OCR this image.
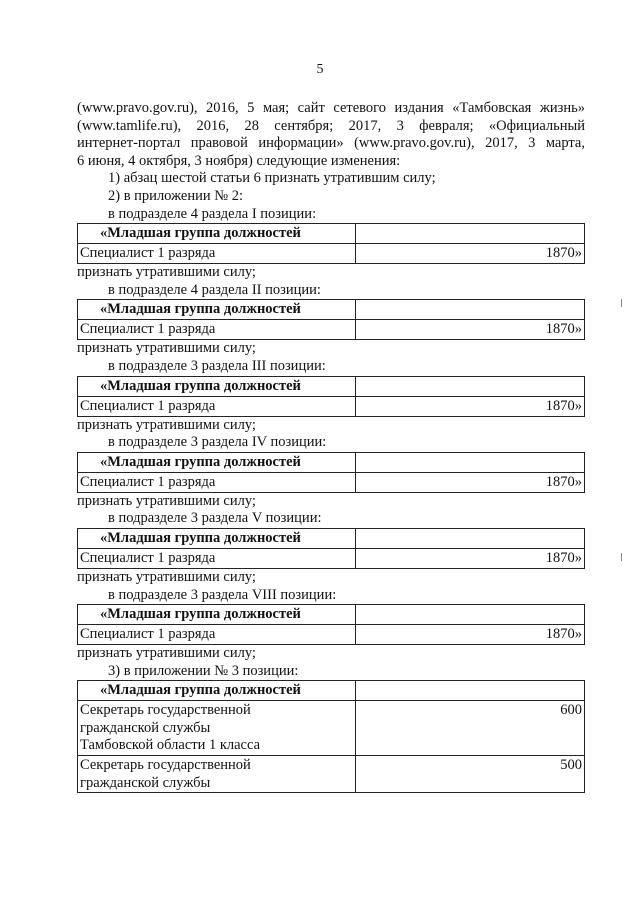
5
(www.pravo.gov.ru), 2016, 5 мая; сайт сетевого издания «Тамбовская жизнь»
(www.tamlife.ru), 2016, 28 сентября; 2017, 3 февраля; «Официальный
интернет-портал правовой информации» (www.pravo.gov.ru), 2017, 3 марта,
6 июня, 4 октября, 3 ноября) следующие изменения:
1) абзац шестой статьи 6 признать утратившим силу;
2) в приложении № 2:
в подразделе 4 раздела I позиции:
«Младшая группа должностей	
Специалист 1 разряда	1870»
признать утратившими силу;
в подразделе 4 раздела II позиции:
«Младшая группа должностей	
Специалист 1 разряда	1870»
признать утратившими силу;
в подразделе 3 раздела III позиции:
«Младшая группа должностей	
Специалист 1 разряда	1870»
признать утратившими силу;
в подразделе 3 раздела IV позиции:
«Младшая группа должностей	
Специалист 1 разряда	1870»
признать утратившими силу;
в подразделе 3 раздела V позиции:
«Младшая группа должностей	
Специалист 1 разряда	1870»
признать утратившими силу;
в подразделе 3 раздела VIII позиции:
«Младшая группа должностей	
Специалист 1 разряда	1870»
признать утратившими силу;
3) в приложении № 3 позиции:
«Младшая группа должностей	

Секретарь государственной
гражданской службы
Тамбовской области 1 класса	600

Секретарь государственной
гражданской службы	500
